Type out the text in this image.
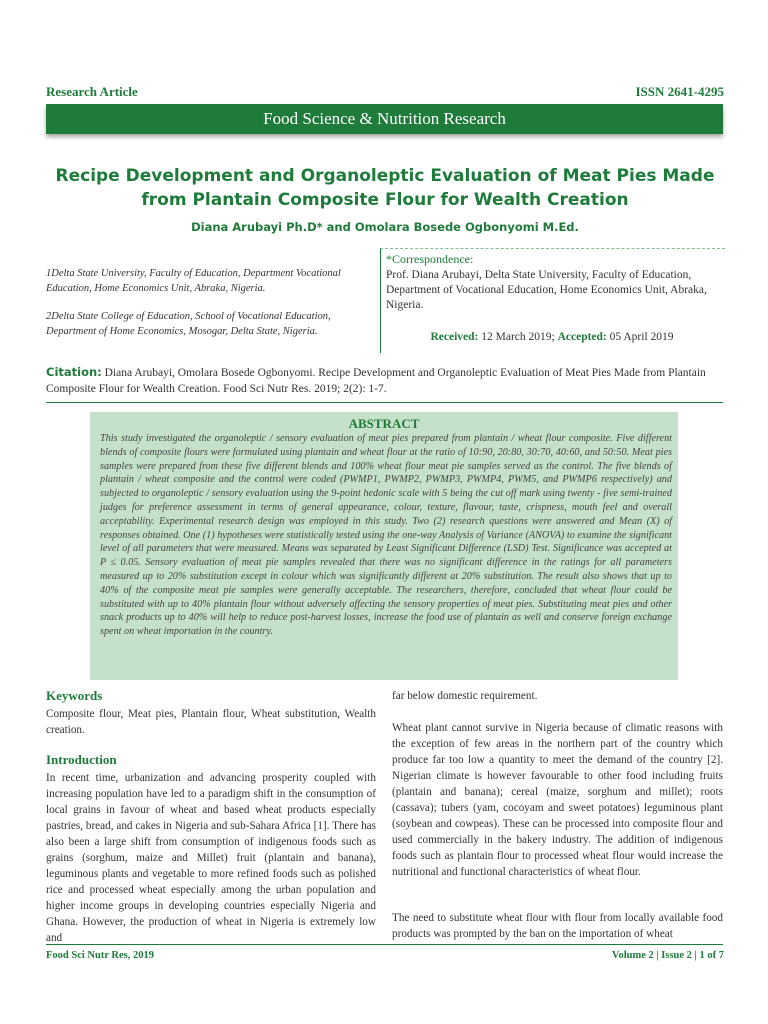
Research Article	ISSN 2641-4295
Food Science & Nutrition Research
Recipe Development and Organoleptic Evaluation of Meat Pies Made from Plantain Composite Flour for Wealth Creation
Diana Arubayi Ph.D* and Omolara Bosede Ogbonyomi M.Ed.
1Delta State University, Faculty of Education, Department Vocational Education, Home Economics Unit, Abraka, Nigeria.
2Delta State College of Education, School of Vocational Education, Department of Home Economics, Mosogar, Delta State, Nigeria.
*Correspondence:
Prof. Diana Arubayi, Delta State University, Faculty of Education, Department of Vocational Education, Home Economics Unit, Abraka, Nigeria.
Received: 12 March 2019; Accepted: 05 April 2019
Citation: Diana Arubayi, Omolara Bosede Ogbonyomi. Recipe Development and Organoleptic Evaluation of Meat Pies Made from Plantain Composite Flour for Wealth Creation. Food Sci Nutr Res. 2019; 2(2): 1-7.
ABSTRACT
This study investigated the organoleptic / sensory evaluation of meat pies prepared from plantain / wheat flour composite. Five different blends of composite flours were formulated using plantain and wheat flour at the ratio of 10:90, 20:80, 30:70, 40:60, and 50:50. Meat pies samples were prepared from these five different blends and 100% wheat flour meat pie samples served as the control. The five blends of plantain / wheat composite and the control were coded (PWMP1, PWMP2, PWMP3, PWMP4, PWM5, and PWMP6 respectively) and subjected to organoleptic / sensory evaluation using the 9-point hedonic scale with 5 being the cut off mark using twenty - five semi-trained judges for preference assessment in terms of general appearance, colour, texture, flavour, taste, crispness, mouth feel and overall acceptability. Experimental research design was employed in this study. Two (2) research questions were answered and Mean (X) of responses obtained. One (1) hypotheses were statistically tested using the one-way Analysis of Variance (ANOVA) to examine the significant level of all parameters that were measured. Means was separated by Least Significant Difference (LSD) Test. Significance was accepted at P ≤ 0.05. Sensory evaluation of meat pie samples revealed that there was no significant difference in the ratings for all parameters measured up to 20% substitution except in colour which was significantly different at 20% substitution. The result also shows that up to 40% of the composite meat pie samples were generally acceptable. The researchers, therefore, concluded that wheat flour could be substituted with up to 40% plantain flour without adversely affecting the sensory properties of meat pies. Substituting meat pies and other snack products up to 40% will help to reduce post-harvest losses, increase the food use of plantain as well and conserve foreign exchange spent on wheat importation in the country.
Keywords
Composite flour, Meat pies, Plantain flour, Wheat substitution, Wealth creation.
Introduction
In recent time, urbanization and advancing prosperity coupled with increasing population have led to a paradigm shift in the consumption of local grains in favour of wheat and based wheat products especially pastries, bread, and cakes in Nigeria and sub-Sahara Africa [1]. There has also been a large shift from consumption of indigenous foods such as grains (sorghum, maize and Millet) fruit (plantain and banana), leguminous plants and vegetable to more refined foods such as polished rice and processed wheat especially among the urban population and higher income groups in developing countries especially Nigeria and Ghana. However, the production of wheat in Nigeria is extremely low and
far below domestic requirement.
Wheat plant cannot survive in Nigeria because of climatic reasons with the exception of few areas in the northern part of the country which produce far too low a quantity to meet the demand of the country [2]. Nigerian climate is however favourable to other food including fruits (plantain and banana); cereal (maize, sorghum and millet); roots (cassava); tubers (yam, cocoyam and sweet potatoes) leguminous plant (soybean and cowpeas). These can be processed into composite flour and used commercially in the bakery industry. The addition of indigenous foods such as plantain flour to processed wheat flour would increase the nutritional and functional characteristics of wheat flour.
The need to substitute wheat flour with flour from locally available food products was prompted by the ban on the importation of wheat
Food Sci Nutr Res, 2019	Volume 2 | Issue 2 | 1 of 7
